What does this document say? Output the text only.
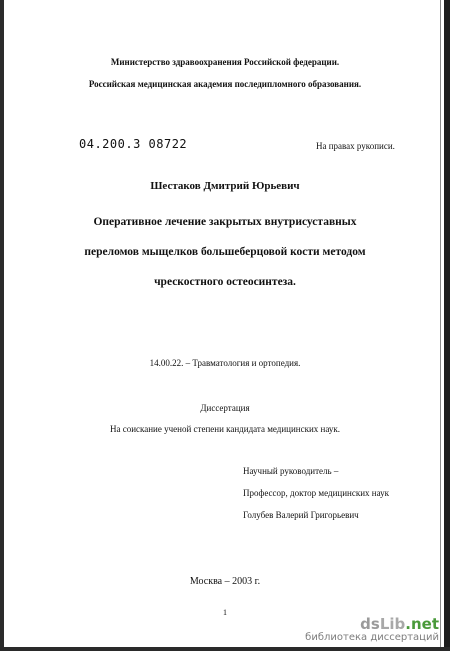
Министерство здравоохранения Российской федерации.
Российская медицинская академия последипломного образования.
04.200.3 08722	На правах рукописи.
Шестаков Дмитрий Юрьевич
Оперативное лечение закрытых внутрисуставных
переломов мыщелков большеберцовой кости методом
чрескостного остеосинтеза.
14.00.22. – Травматология и ортопедия.
Диссертация
На соискание ученой степени кандидата медицинских наук.
Научный руководитель –
Профессор, доктор медицинских наук
Голубев Валерий Григорьевич
Москва – 2003 г.
1
dsLib.net
библиотека диссертаций
